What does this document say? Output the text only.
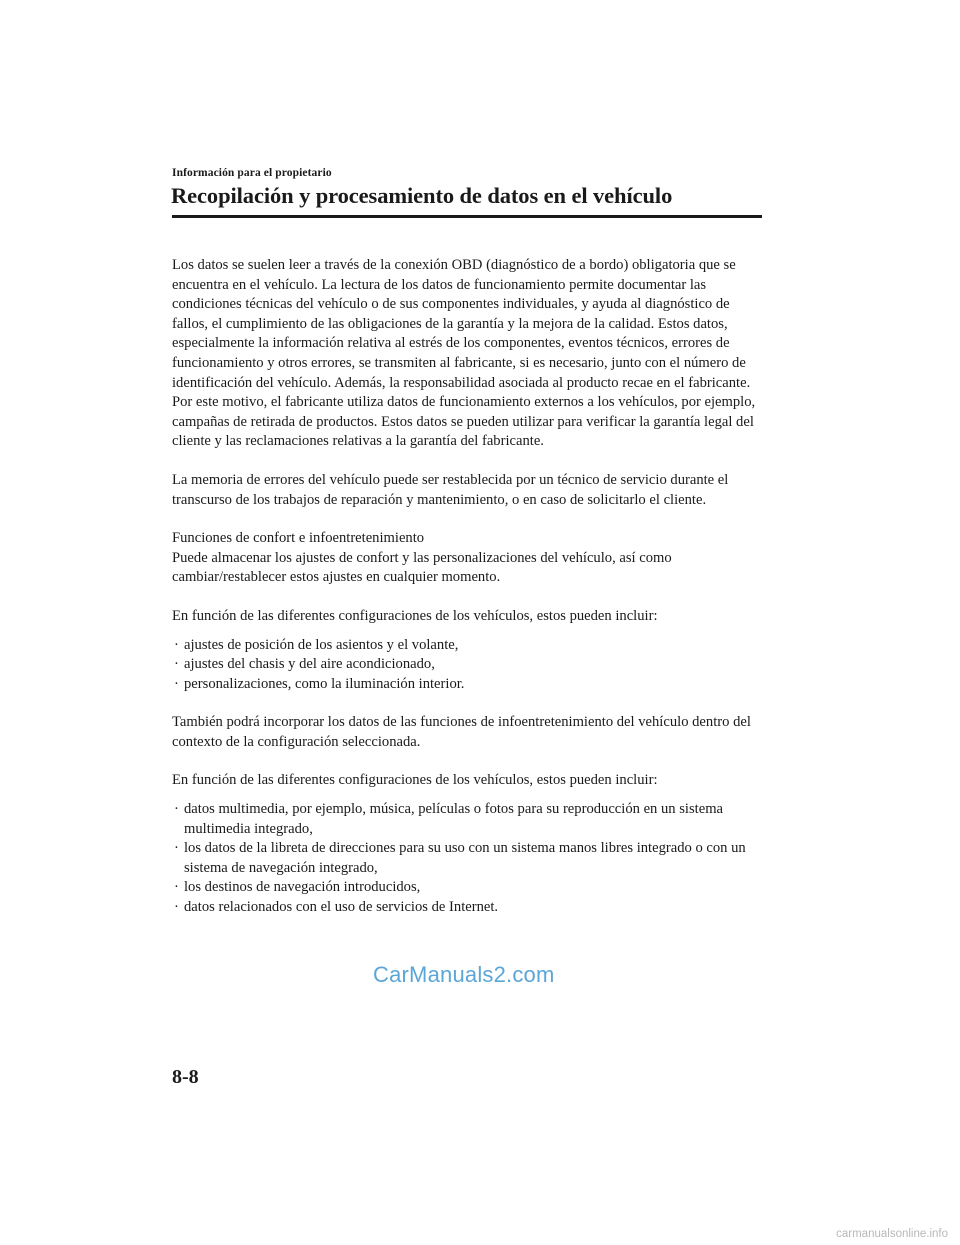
Información para el propietario
Recopilación y procesamiento de datos en el vehículo

Los datos se suelen leer a través de la conexión OBD (diagnóstico de a bordo) obligatoria que se encuentra en el vehículo. La lectura de los datos de funcionamiento permite documentar las condiciones técnicas del vehículo o de sus componentes individuales, y ayuda al diagnóstico de fallos, el cumplimiento de las obligaciones de la garantía y la mejora de la calidad. Estos datos, especialmente la información relativa al estrés de los componentes, eventos técnicos, errores de funcionamiento y otros errores, se transmiten al fabricante, si es necesario, junto con el número de identificación del vehículo. Además, la responsabilidad asociada al producto recae en el fabricante. Por este motivo, el fabricante utiliza datos de funcionamiento externos a los vehículos, por ejemplo, campañas de retirada de productos. Estos datos se pueden utilizar para verificar la garantía legal del cliente y las reclamaciones relativas a la garantía del fabricante.

La memoria de errores del vehículo puede ser restablecida por un técnico de servicio durante el transcurso de los trabajos de reparación y mantenimiento, o en caso de solicitarlo el cliente.

Funciones de confort e infoentretenimiento
Puede almacenar los ajustes de confort y las personalizaciones del vehículo, así como cambiar/restablecer estos ajustes en cualquier momento.

En función de las diferentes configuraciones de los vehículos, estos pueden incluir:

· ajustes de posición de los asientos y el volante,
· ajustes del chasis y del aire acondicionado,
· personalizaciones, como la iluminación interior.

También podrá incorporar los datos de las funciones de infoentretenimiento del vehículo dentro del contexto de la configuración seleccionada.

En función de las diferentes configuraciones de los vehículos, estos pueden incluir:

· datos multimedia, por ejemplo, música, películas o fotos para su reproducción en un sistema multimedia integrado,
· los datos de la libreta de direcciones para su uso con un sistema manos libres integrado o con un sistema de navegación integrado,
· los destinos de navegación introducidos,
· datos relacionados con el uso de servicios de Internet.
CarManuals2.com
8-8
carmanualsonline.info
